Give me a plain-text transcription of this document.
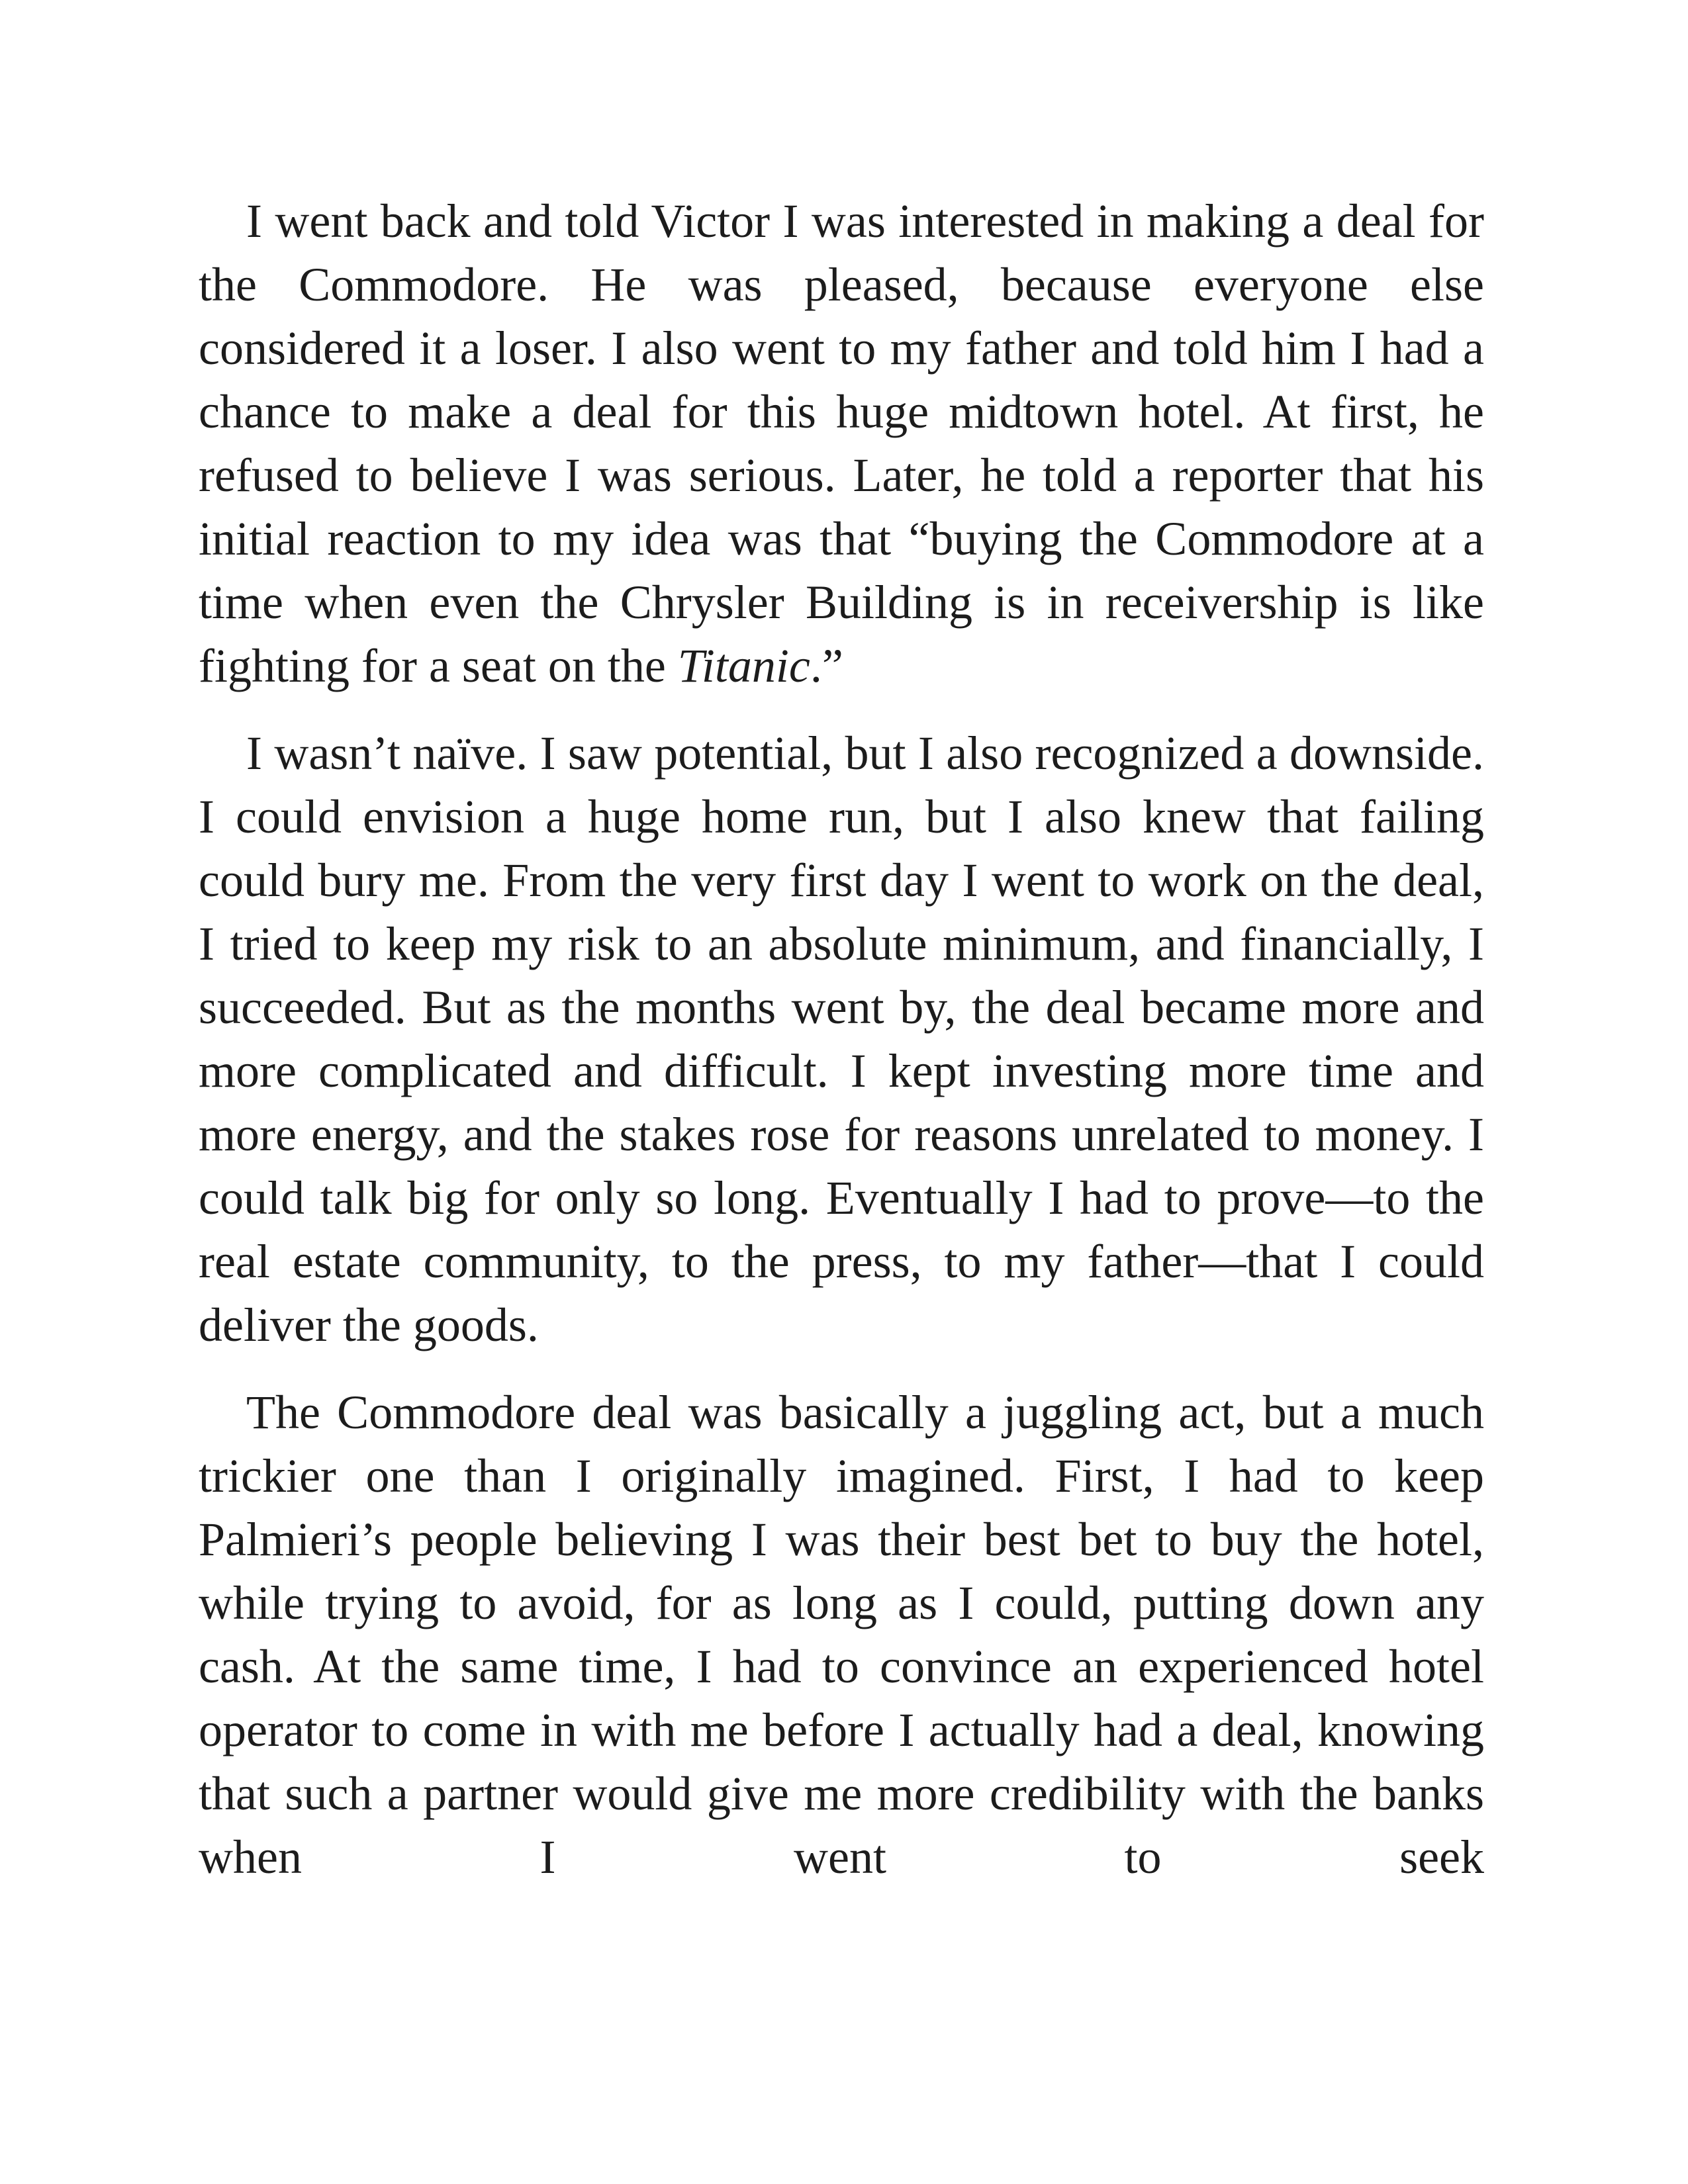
I went back and told Victor I was interested in making a deal for the Commodore. He was pleased, because everyone else considered it a loser. I also went to my father and told him I had a chance to make a deal for this huge midtown hotel. At first, he refused to believe I was serious. Later, he told a reporter that his initial reaction to my idea was that “buying the Commodore at a time when even the Chrysler Building is in receivership is like fighting for a seat on the Titanic.”

I wasn’t naïve. I saw potential, but I also recognized a downside. I could envision a huge home run, but I also knew that failing could bury me. From the very first day I went to work on the deal, I tried to keep my risk to an absolute minimum, and financially, I succeeded. But as the months went by, the deal became more and more complicated and difficult. I kept investing more time and more energy, and the stakes rose for reasons unrelated to money. I could talk big for only so long. Eventually I had to prove—to the real estate community, to the press, to my father—that I could deliver the goods.

The Commodore deal was basically a juggling act, but a much trickier one than I originally imagined. First, I had to keep Palmieri’s people believing I was their best bet to buy the hotel, while trying to avoid, for as long as I could, putting down any cash. At the same time, I had to convince an experienced hotel operator to come in with me before I actually had a deal, knowing that such a partner would give me more credibility with the banks when I went to seek
